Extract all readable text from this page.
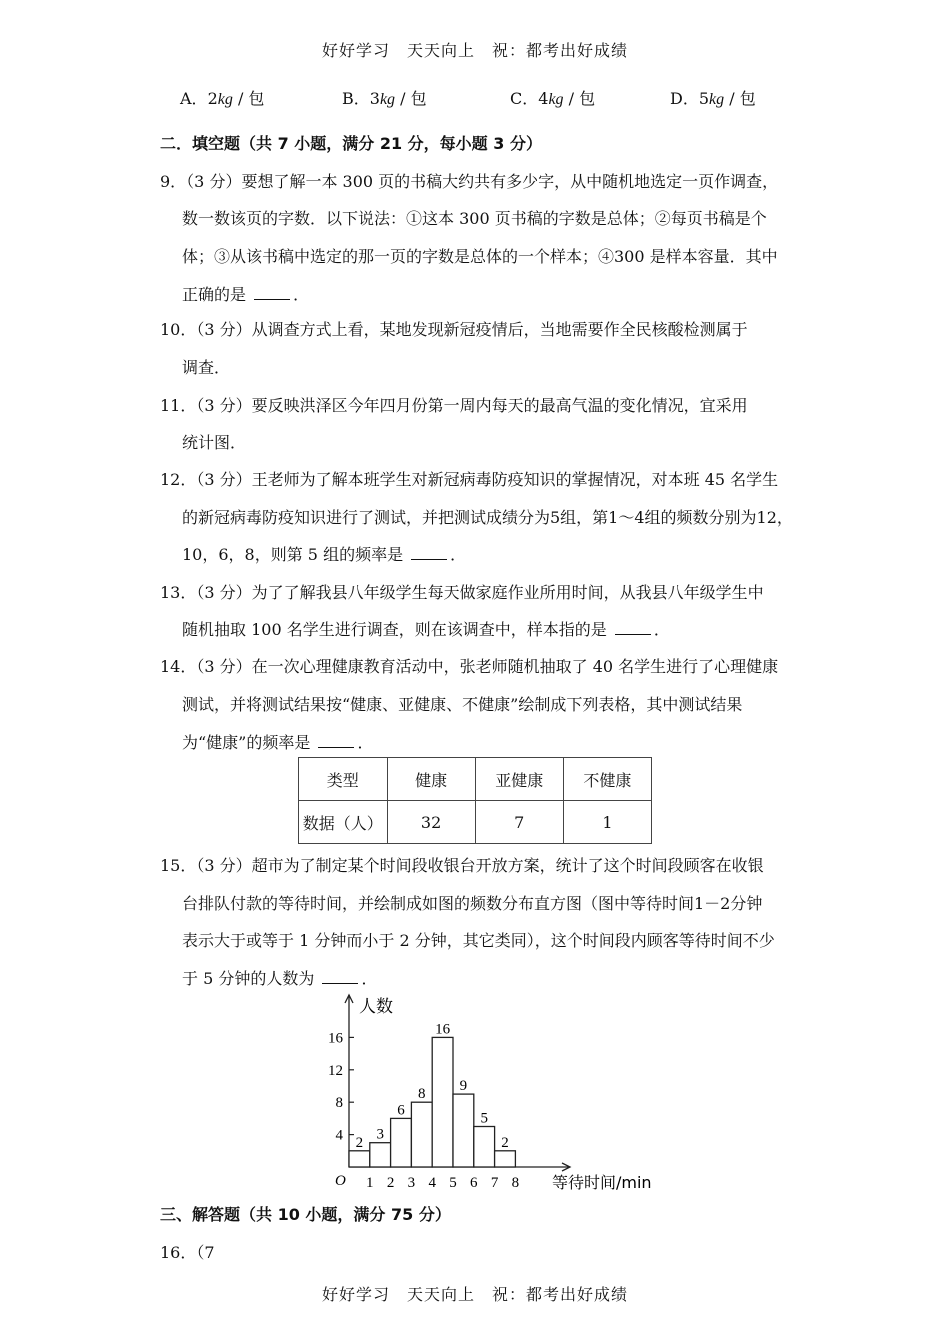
好好学习　天天向上　祝：都考出好成绩
A．2kg / 包	B．3kg / 包	C．4kg / 包	D．5kg / 包
二．填空题（共 7 小题，满分 21 分，每小题 3 分）
9．（3 分）要想了解一本 300 页的书稿大约共有多少字，从中随机地选定一页作调查，
数一数该页的字数．以下说法：①这本 300 页书稿的字数是总体；②每页书稿是个
体；③从该书稿中选定的那一页的字数是总体的一个样本；④300 是样本容量．其中
正确的是	．
10．（3 分）从调查方式上看，某地发现新冠疫情后，当地需要作全民核酸检测属于
调查．
11．（3 分）要反映洪泽区今年四月份第一周内每天的最高气温的变化情况，宜采用
统计图．
12．（3 分）王老师为了解本班学生对新冠病毒防疫知识的掌握情况，对本班 45 名学生
的新冠病毒防疫知识进行了测试，并把测试成绩分为5组，第1～4组的频数分别为12，
10，6，8，则第 5 组的频率是	．
13．（3 分）为了了解我县八年级学生每天做家庭作业所用时间，从我县八年级学生中
随机抽取 100 名学生进行调查，则在该调查中，样本指的是	．
14．（3 分）在一次心理健康教育活动中，张老师随机抽取了 40 名学生进行了心理健康
测试，并将测试结果按“健康、亚健康、不健康”绘制成下列表格，其中测试结果
为“健康”的频率是	．
类型	健康	亚健康	不健康
数据（人）	32	7	1
15．（3 分）超市为了制定某个时间段收银台开放方案，统计了这个时间段顾客在收银
台排队付款的等待时间，并绘制成如图的频数分布直方图（图中等待时间1－2分钟
表示大于或等于 1 分钟而小于 2 分钟，其它类同），这个时间段内顾客等待时间不少
于 5 分钟的人数为	．
人数
等待时间/min
O
4
8
12
16
2
3
6
8
16
9
5
2
1 2 3 4 5 6 7 8
三、解答题（共 10 小题，满分 75 分）
16．（7
好好学习　天天向上　祝：都考出好成绩
